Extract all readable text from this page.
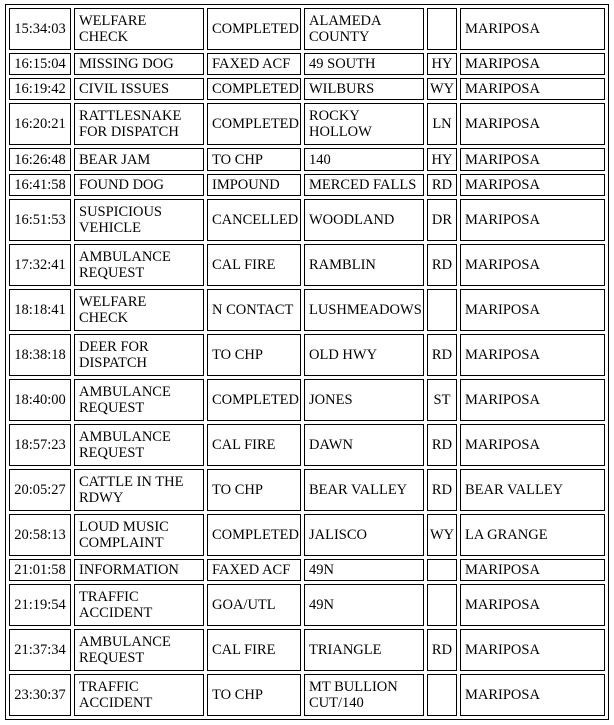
15:34:03	WELFARE CHECK	COMPLETED	ALAMEDA COUNTY		MARIPOSA
16:15:04	MISSING DOG	FAXED ACF	49 SOUTH	HY	MARIPOSA
16:19:42	CIVIL ISSUES	COMPLETED	WILBURS	WY	MARIPOSA
16:20:21	RATTLESNAKE FOR DISPATCH	COMPLETED	ROCKY HOLLOW	LN	MARIPOSA
16:26:48	BEAR JAM	TO CHP	140	HY	MARIPOSA
16:41:58	FOUND DOG	IMPOUND	MERCED FALLS	RD	MARIPOSA
16:51:53	SUSPICIOUS VEHICLE	CANCELLED	WOODLAND	DR	MARIPOSA
17:32:41	AMBULANCE REQUEST	CAL FIRE	RAMBLIN	RD	MARIPOSA
18:18:41	WELFARE CHECK	N CONTACT	LUSHMEADOWS		MARIPOSA
18:38:18	DEER FOR DISPATCH	TO CHP	OLD HWY	RD	MARIPOSA
18:40:00	AMBULANCE REQUEST	COMPLETED	JONES	ST	MARIPOSA
18:57:23	AMBULANCE REQUEST	CAL FIRE	DAWN	RD	MARIPOSA
20:05:27	CATTLE IN THE RDWY	TO CHP	BEAR VALLEY	RD	BEAR VALLEY
20:58:13	LOUD MUSIC COMPLAINT	COMPLETED	JALISCO	WY	LA GRANGE
21:01:58	INFORMATION	FAXED ACF	49N		MARIPOSA
21:19:54	TRAFFIC ACCIDENT	GOA/UTL	49N		MARIPOSA
21:37:34	AMBULANCE REQUEST	CAL FIRE	TRIANGLE	RD	MARIPOSA
23:30:37	TRAFFIC ACCIDENT	TO CHP	MT BULLION CUT/140		MARIPOSA
